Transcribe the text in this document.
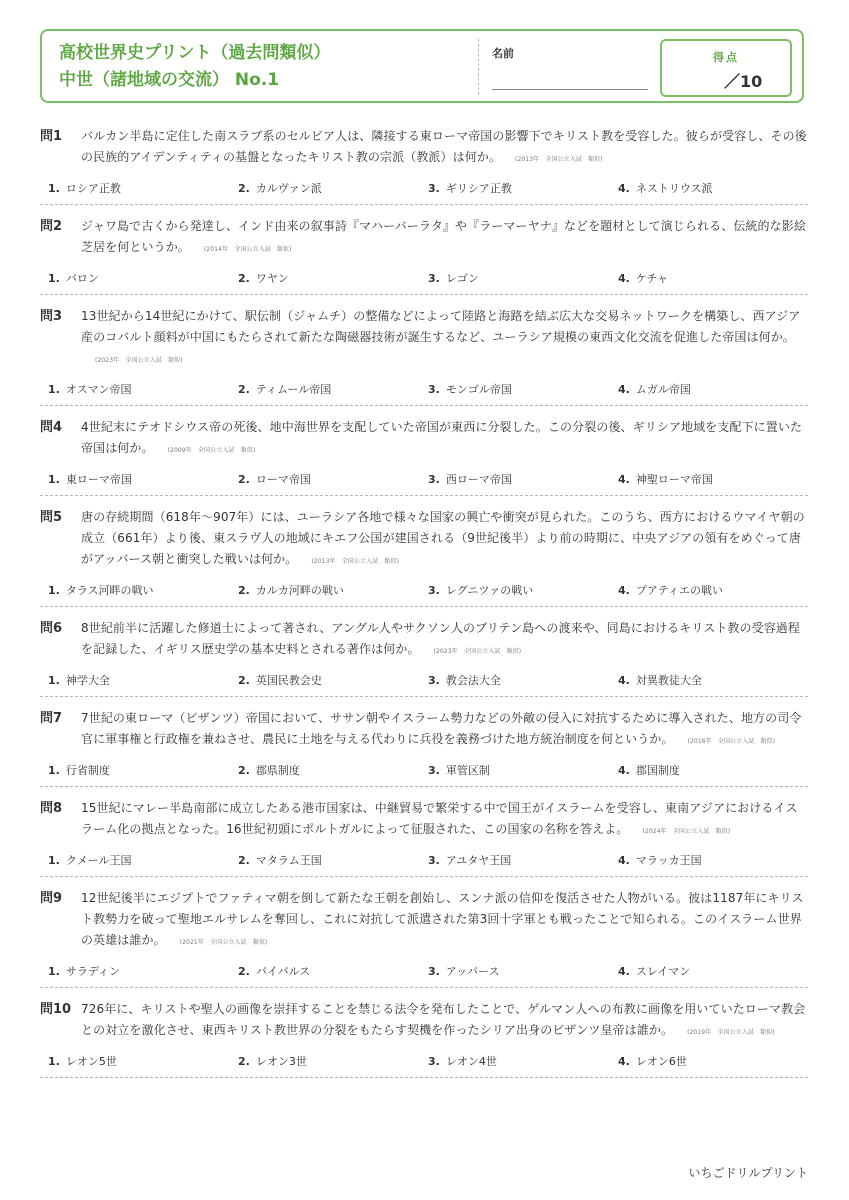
高校世界史プリント（過去問類似）
中世（諸地域の交流） No.1
名前	得点
／10
問1	バルカン半島に定住した南スラブ系のセルビア人は、隣接する東ローマ帝国の影響下でキリスト教を受容した。彼らが受容し、その後の民族的アイデンティティの基盤となったキリスト教の宗派（教派）は何か。 (2013年　全国公立入試　類似)
1. ロシア正教	2. カルヴァン派	3. ギリシア正教	4. ネストリウス派
問2	ジャワ島で古くから発達し、インド由来の叙事詩『マハーバーラタ』や『ラーマーヤナ』などを題材として演じられる、伝統的な影絵芝居を何というか。 (2014年　全国公立入試　類似)
1. バロン	2. ワヤン	3. レゴン	4. ケチャ
問3	13世紀から14世紀にかけて、駅伝制（ジャムチ）の整備などによって陸路と海路を結ぶ広大な交易ネットワークを構築し、西アジア産のコバルト顔料が中国にもたらされて新たな陶磁器技術が誕生するなど、ユーラシア規模の東西文化交流を促進した帝国は何か。(2023年　全国公立入試　類似)
1. オスマン帝国	2. ティムール帝国	3. モンゴル帝国	4. ムガル帝国
問4	4世紀末にテオドシウス帝の死後、地中海世界を支配していた帝国が東西に分裂した。この分裂の後、ギリシア地域を支配下に置いた帝国は何か。 (2009年　全国公立入試　類似)
1. 東ローマ帝国	2. ローマ帝国	3. 西ローマ帝国	4. 神聖ローマ帝国
問5	唐の存続期間（618年～907年）には、ユーラシア各地で様々な国家の興亡や衝突が見られた。このうち、西方におけるウマイヤ朝の成立（661年）より後、東スラヴ人の地域にキエフ公国が建国される（9世紀後半）より前の時期に、中央アジアの領有をめぐって唐がアッバース朝と衝突した戦いは何か。 (2013年　全国公立入試　類似)
1. タラス河畔の戦い	2. カルカ河畔の戦い	3. レグニツァの戦い	4. プアティエの戦い
問6	8世紀前半に活躍した修道士によって著され、アングル人やサクソン人のブリテン島への渡来や、同島におけるキリスト教の受容過程を記録した、イギリス歴史学の基本史料とされる著作は何か。 (2023年　全国公立入試　類似)
1. 神学大全	2. 英国民教会史	3. 教会法大全	4. 対異教徒大全
問7	7世紀の東ローマ（ビザンツ）帝国において、ササン朝やイスラーム勢力などの外敵の侵入に対抗するために導入された、地方の司令官に軍事権と行政権を兼ねさせ、農民に土地を与える代わりに兵役を義務づけた地方統治制度を何というか。 (2016年　全国公立入試　類似)
1. 行省制度	2. 郡県制度	3. 軍管区制	4. 郡国制度
問8	15世紀にマレー半島南部に成立したある港市国家は、中継貿易で繁栄する中で国王がイスラームを受容し、東南アジアにおけるイスラーム化の拠点となった。16世紀初頭にポルトガルによって征服された、この国家の名称を答えよ。 (2024年　全国公立入試　類似)
1. クメール王国	2. マタラム王国	3. アユタヤ王国	4. マラッカ王国
問9	12世紀後半にエジプトでファティマ朝を倒して新たな王朝を創始し、スンナ派の信仰を復活させた人物がいる。彼は1187年にキリスト教勢力を破って聖地エルサレムを奪回し、これに対抗して派遣された第3回十字軍とも戦ったことで知られる。このイスラーム世界の英雄は誰か。 (2021年　全国公立入試　類似)
1. サラディン	2. バイバルス	3. アッバース	4. スレイマン
問10 726年に、キリストや聖人の画像を崇拝することを禁じる法令を発布したことで、ゲルマン人への布教に画像を用いていたローマ教会との対立を激化させ、東西キリスト教世界の分裂をもたらす契機を作ったシリア出身のビザンツ皇帝は誰か。 (2019年　全国公立入試　類似)
1. レオン5世	2. レオン3世	3. レオン4世	4. レオン6世
いちごドリルプリント
